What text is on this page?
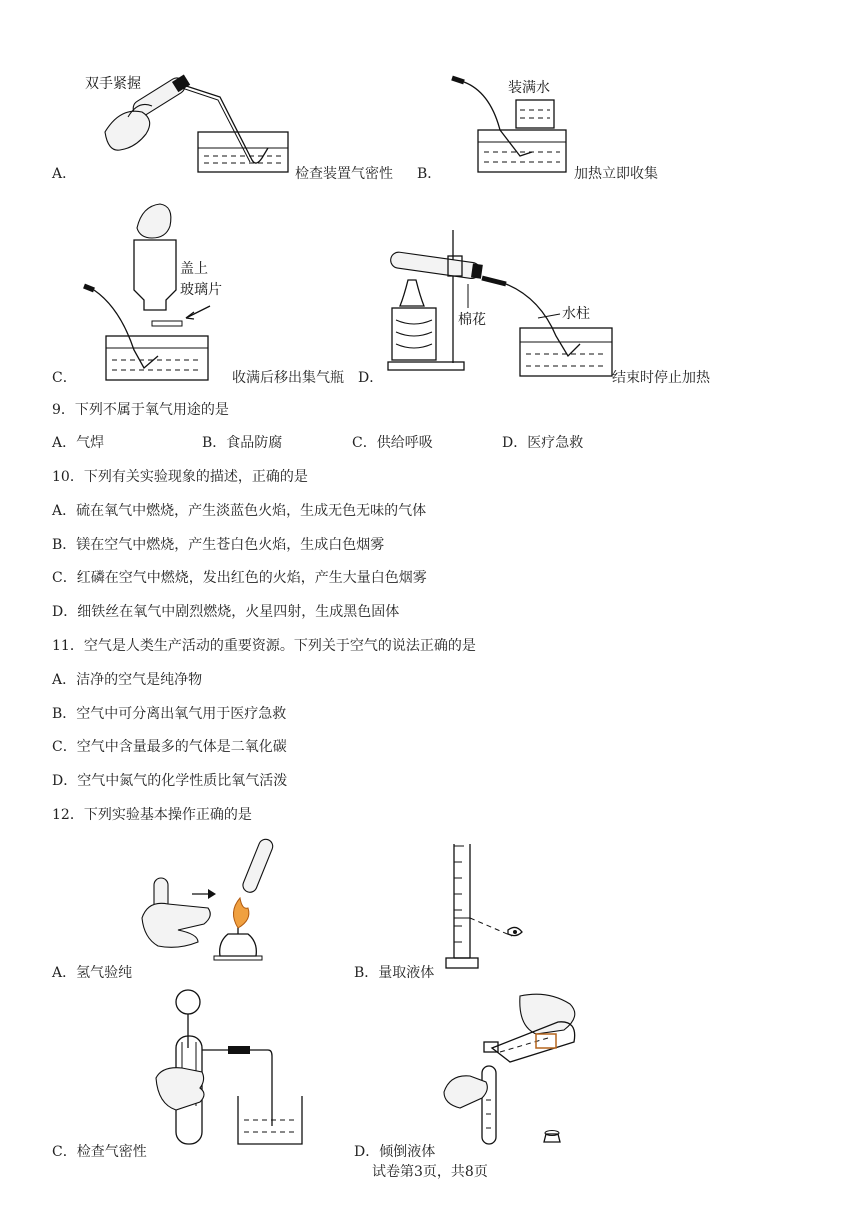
A．
双手紧握
检查装置气密性 B．
装满水
加热立即收集
C．
盖上
玻璃片
收满后移出集气瓶 D．
棉花	水柱
结束时停止加热
9．下列不属于氧气用途的是
A．气焊	B．食品防腐	C．供给呼吸	D．医疗急救
10．下列有关实验现象的描述，正确的是
A．硫在氧气中燃烧，产生淡蓝色火焰，生成无色无味的气体
B．镁在空气中燃烧，产生苍白色火焰，生成白色烟雾
C．红磷在空气中燃烧，发出红色的火焰，产生大量白色烟雾
D．细铁丝在氧气中剧烈燃烧，火星四射，生成黑色固体
11．空气是人类生产活动的重要资源。下列关于空气的说法正确的是
A．洁净的空气是纯净物
B．空气中可分离出氧气用于医疗急救
C．空气中含量最多的气体是二氧化碳
D．空气中氮气的化学性质比氧气活泼
12．下列实验基本操作正确的是
A．氢气验纯	B．量取液体
C．检查气密性	D．倾倒液体
试卷第3页，共8页
